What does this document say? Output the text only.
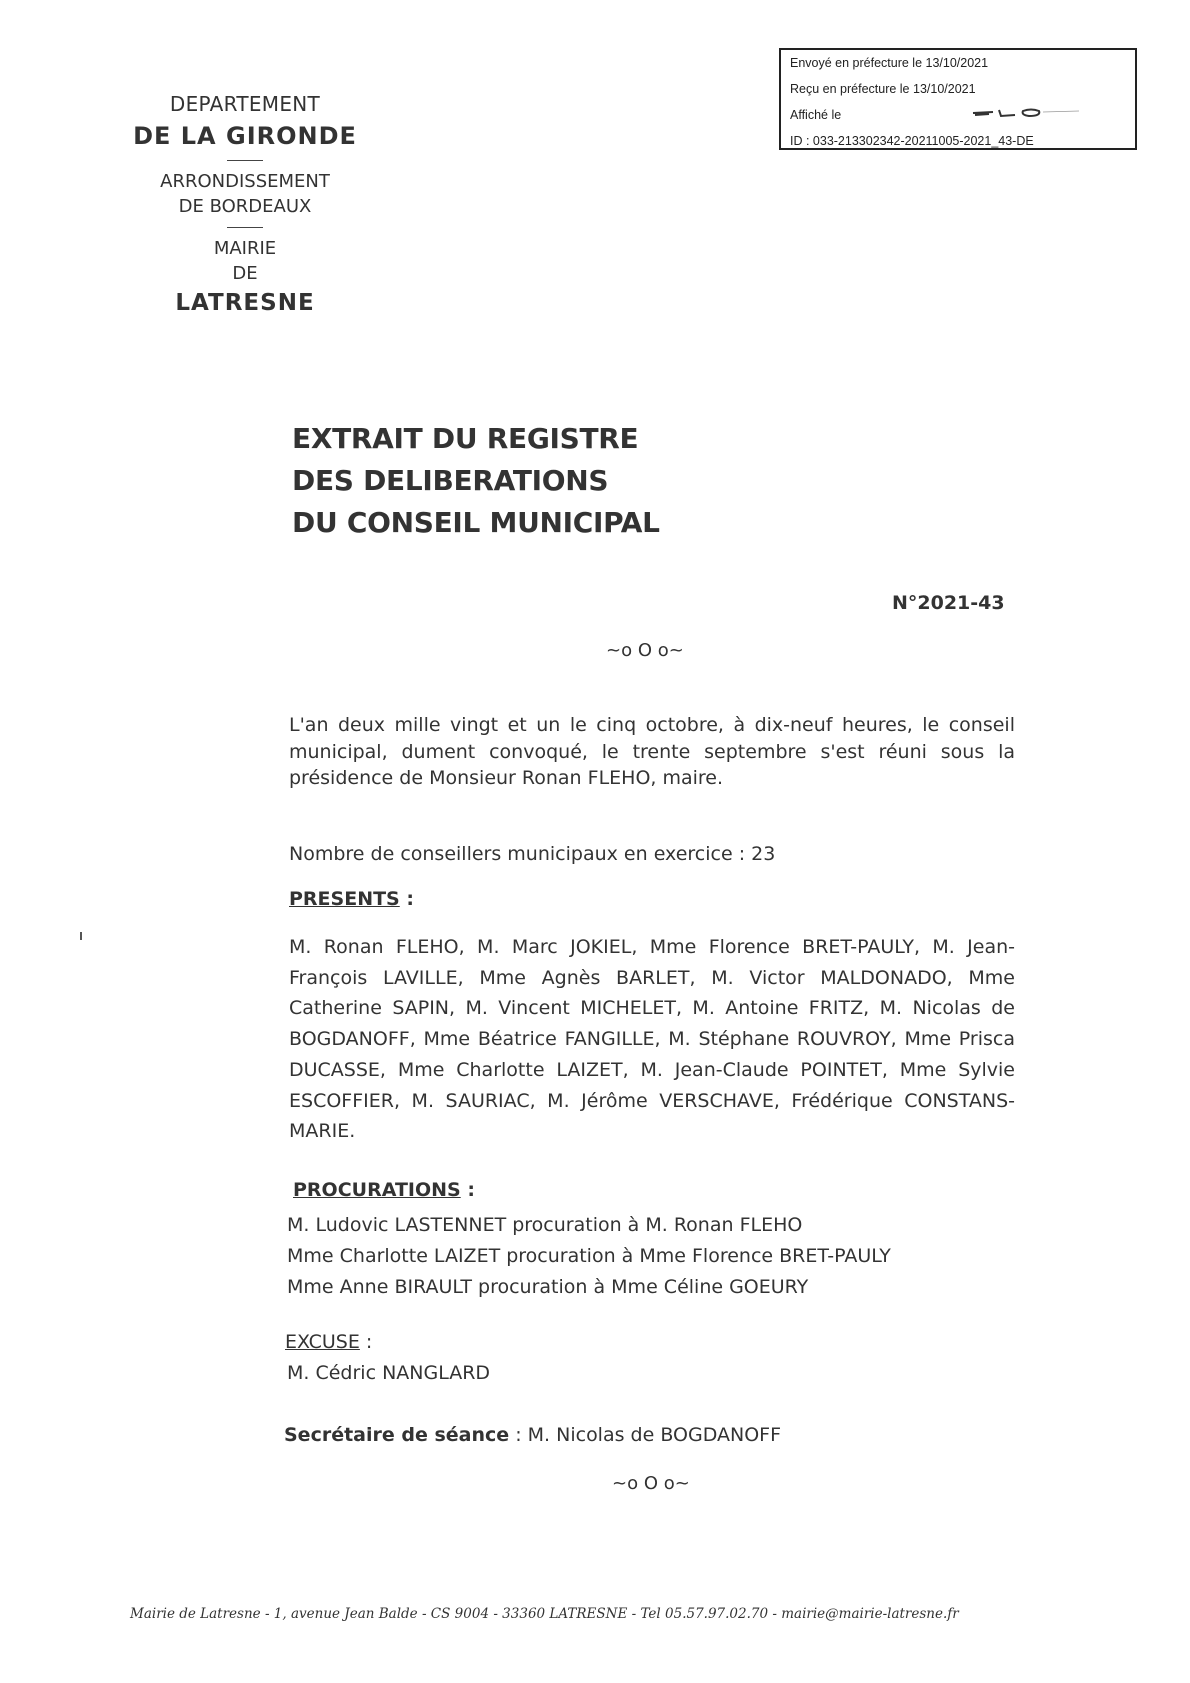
Envoyé en préfecture le 13/10/2021
Reçu en préfecture le 13/10/2021
Affiché le
ID : 033-213302342-20211005-2021_43-DE
DEPARTEMENT
DE LA GIRONDE
ARRONDISSEMENT
DE BORDEAUX
MAIRIE
DE
LATRESNE
EXTRAIT DU REGISTRE
DES DELIBERATIONS
DU CONSEIL MUNICIPAL
N°2021-43
~o O o~
L'an deux mille vingt et un le cinq octobre, à dix-neuf heures, le conseil municipal, dument convoqué, le trente septembre s'est réuni sous la présidence de Monsieur Ronan FLEHO, maire.
Nombre de conseillers municipaux en exercice : 23
PRESENTS :
M. Ronan FLEHO, M. Marc JOKIEL, Mme Florence BRET-PAULY, M. Jean-François LAVILLE, Mme Agnès BARLET, M. Victor MALDONADO, Mme Catherine SAPIN, M. Vincent MICHELET, M. Antoine FRITZ, M. Nicolas de BOGDANOFF, Mme Béatrice FANGILLE, M. Stéphane ROUVROY, Mme Prisca DUCASSE, Mme Charlotte LAIZET, M. Jean-Claude POINTET, Mme Sylvie ESCOFFIER, M. SAURIAC, M. Jérôme VERSCHAVE, Frédérique CONSTANS-MARIE.
PROCURATIONS :
M. Ludovic LASTENNET procuration à M. Ronan FLEHO
Mme Charlotte LAIZET procuration à Mme Florence BRET-PAULY
Mme Anne BIRAULT procuration à Mme Céline GOEURY
EXCUSE :
M. Cédric NANGLARD
Secrétaire de séance : M. Nicolas de BOGDANOFF
~o O o~
Mairie de Latresne - 1, avenue Jean Balde - CS 9004 - 33360 LATRESNE - Tel 05.57.97.02.70 - mairie@mairie-latresne.fr
